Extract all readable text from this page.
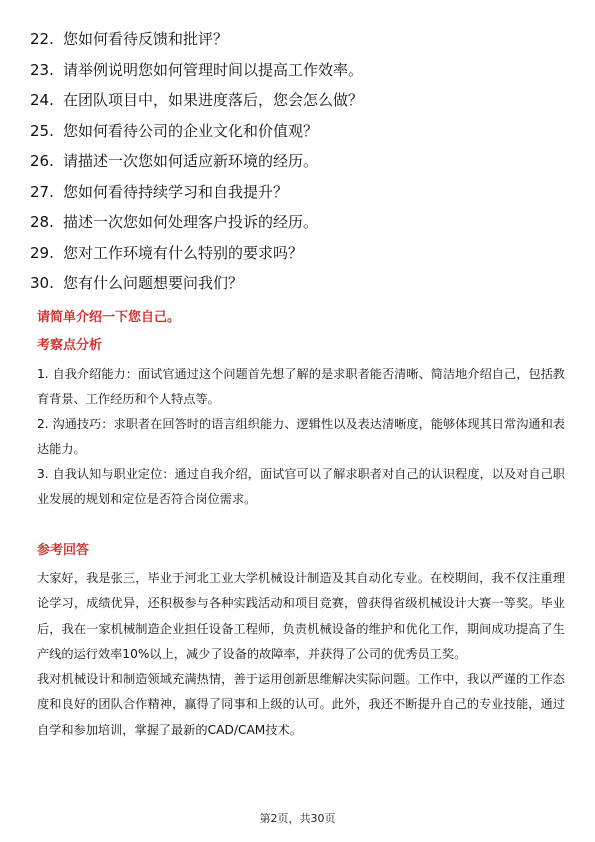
22. 您如何看待反馈和批评？
23. 请举例说明您如何管理时间以提高工作效率。
24. 在团队项目中，如果进度落后，您会怎么做？
25. 您如何看待公司的企业文化和价值观？
26. 请描述一次您如何适应新环境的经历。
27. 您如何看待持续学习和自我提升？
28. 描述一次您如何处理客户投诉的经历。
29. 您对工作环境有什么特别的要求吗？
30. 您有什么问题想要问我们？
请简单介绍一下您自己。
考察点分析

1. 自我介绍能力：面试官通过这个问题首先想了解的是求职者能否清晰、简洁地介绍自己，包括教育背景、工作经历和个人特点等。

2. 沟通技巧：求职者在回答时的语言组织能力、逻辑性以及表达清晰度，能够体现其日常沟通和表达能力。

3. 自我认知与职业定位：通过自我介绍，面试官可以了解求职者对自己的认识程度，以及对自己职业发展的规划和定位是否符合岗位需求。

参考回答

大家好，我是张三，毕业于河北工业大学机械设计制造及其自动化专业。在校期间，我不仅注重理论学习，成绩优异，还积极参与各种实践活动和项目竞赛，曾获得省级机械设计大赛一等奖。毕业后，我在一家机械制造企业担任设备工程师，负责机械设备的维护和优化工作，期间成功提高了生产线的运行效率10%以上，减少了设备的故障率，并获得了公司的优秀员工奖。

我对机械设计和制造领域充满热情，善于运用创新思维解决实际问题。工作中，我以严谨的工作态度和良好的团队合作精神，赢得了同事和上级的认可。此外，我还不断提升自己的专业技能，通过自学和参加培训，掌握了最新的CAD/CAM技术。

第2页，共30页
